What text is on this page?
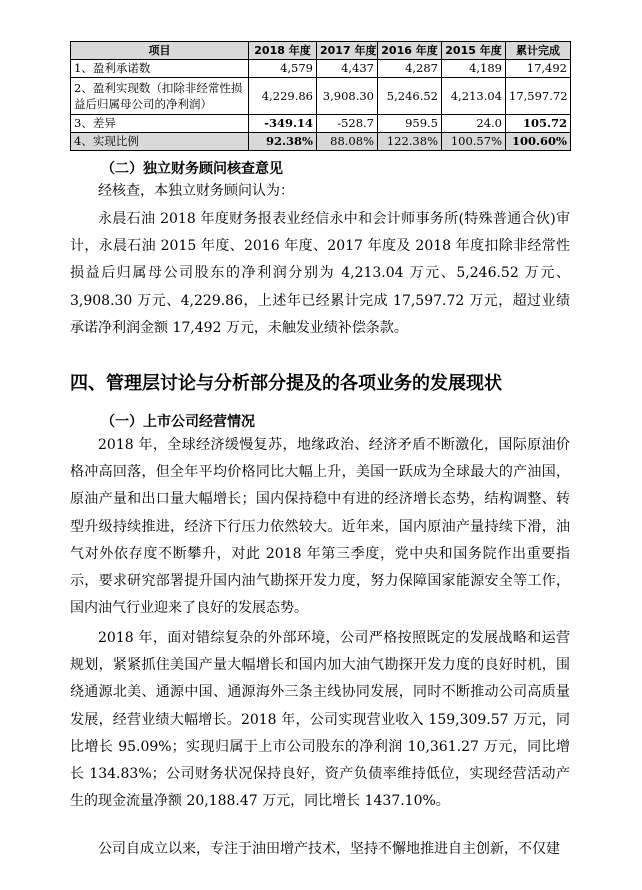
项目	2018 年度	2017 年度	2016 年度	2015 年度	累计完成
1、盈利承诺数	4,579	4,437	4,287	4,189	17,492
2、盈利实现数（扣除非经常性损益后归属母公司的净利润）	4,229.86	3,908.30	5,246.52	4,213.04	17,597.72
3、差异	-349.14	-528.7	959.5	24.0	105.72
4、实现比例	92.38%	88.08%	122.38%	100.57%	100.60%
（二）独立财务顾问核查意见
经核查，本独立财务顾问认为：
永晨石油 2018 年度财务报表业经信永中和会计师事务所(特殊普通合伙)审计，永晨石油 2015 年度、2016 年度、2017 年度及 2018 年度扣除非经常性损益后归属母公司股东的净利润分别为 4,213.04 万元、5,246.52 万元、3,908.30 万元、4,229.86，上述年已经累计完成 17,597.72 万元，超过业绩承诺净利润金额 17,492 万元，未触发业绩补偿条款。
四、管理层讨论与分析部分提及的各项业务的发展现状
（一）上市公司经营情况
2018 年，全球经济缓慢复苏，地缘政治、经济矛盾不断激化，国际原油价格冲高回落，但全年平均价格同比大幅上升，美国一跃成为全球最大的产油国，原油产量和出口量大幅增长；国内保持稳中有进的经济增长态势，结构调整、转型升级持续推进，经济下行压力依然较大。近年来，国内原油产量持续下滑，油气对外依存度不断攀升，对此 2018 年第三季度，党中央和国务院作出重要指示，要求研究部署提升国内油气勘探开发力度，努力保障国家能源安全等工作，国内油气行业迎来了良好的发展态势。
2018 年，面对错综复杂的外部环境，公司严格按照既定的发展战略和运营规划，紧紧抓住美国产量大幅增长和国内加大油气勘探开发力度的良好时机，围绕通源北美、通源中国、通源海外三条主线协同发展，同时不断推动公司高质量发展，经营业绩大幅增长。2018 年，公司实现营业收入 159,309.57 万元，同比增长 95.09%；实现归属于上市公司股东的净利润 10,361.27 万元，同比增长 134.83%；公司财务状况保持良好，资产负债率维持低位，实现经营活动产生的现金流量净额 20,188.47 万元，同比增长 1437.10%。
公司自成立以来，专注于油田增产技术，坚持不懈地推进自主创新，不仅建
